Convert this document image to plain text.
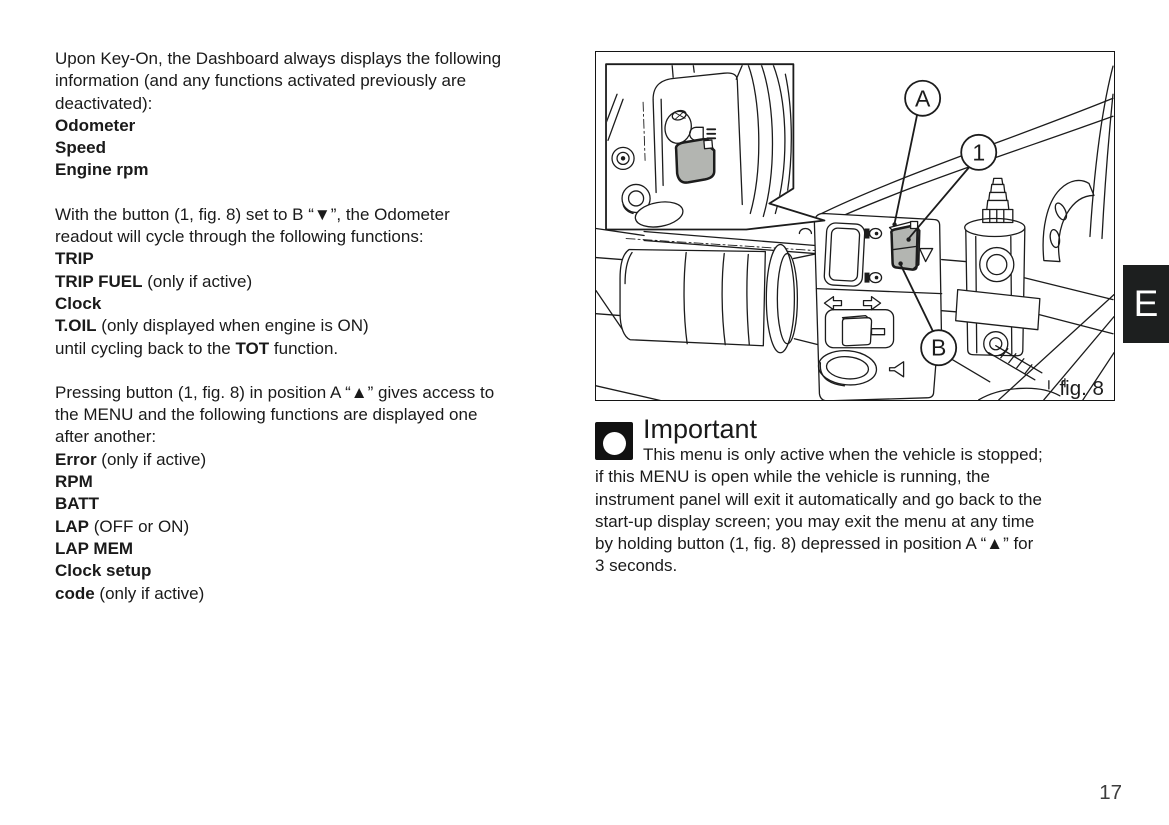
Upon Key-On, the Dashboard always displays the following
information (and any functions activated previously are
deactivated):
Odometer
Speed
Engine rpm
With the button (1, fig. 8) set to B “▼”, the Odometer
readout will cycle through the following functions:
TRIP
TRIP FUEL (only if active)
Clock
T.OIL (only displayed when engine is ON)
until cycling back to the TOT function.
Pressing button (1, fig. 8) in position A “▲” gives access to
the MENU and the following functions are displayed one
after another:
Error (only if active)
RPM
BATT
LAP (OFF or ON)
LAP MEM
Clock setup
code (only if active)
A
1
B
fig. 8
Important
This menu is only active when the vehicle is stopped;
if this MENU is open while the vehicle is running, the
instrument panel will exit it automatically and go back to the
start-up display screen; you may exit the menu at any time
by holding button (1, fig. 8) depressed in position A “▲” for
3 seconds.
E
17
